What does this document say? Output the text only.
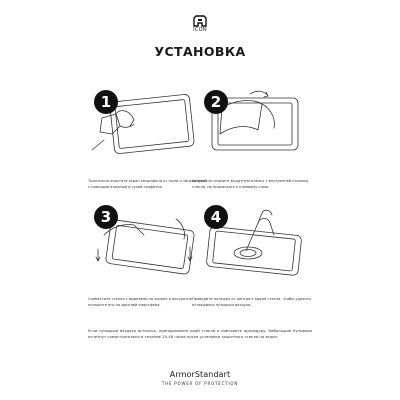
ICON
УСТАНОВКА
1	2
Тщательно очистите экран смартфона от пыли и загрязнений с помощью влажной и сухой салфеток.
Аккуратно снимите защитную пленку с внутренней стороны стекла, не прикасаясь к клеевому слою.
3	4
Совместите стекло с вырезами на экране и аккуратно положите его на дисплей смартфона.
Проведите пальцем от центра к краям стекла, чтобы удалить оставшиеся пузырьки воздуха.
Если пузырьки воздуха остались, приподнимите край стекла и повторите процедуру. Небольшие пузырьки исчезнут самостоятельно в течение 24-48 часов после установки защитного стекла на экран.
ArmorStandart
THE POWER OF PROTECTION
